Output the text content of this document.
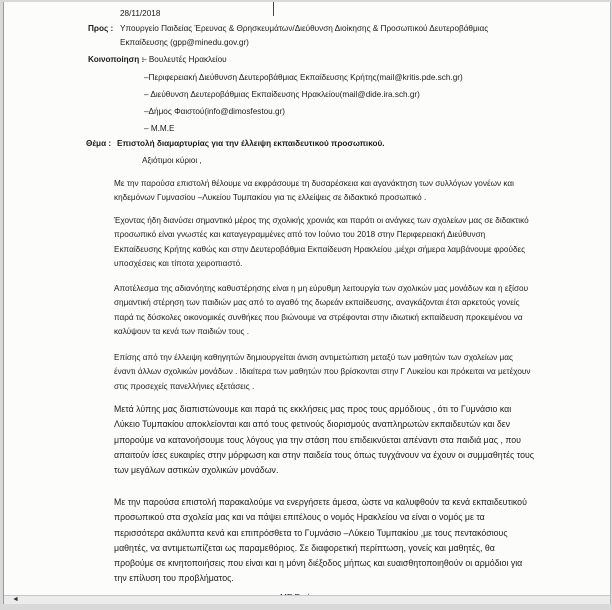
28/11/2018
Προς : Υπουργείο Παιδείας Έρευνας & Θρησκευμάτων/Διεύθυνση Διοίκησης & Προσωπικού Δευτεροβάθμιας
Εκπαίδευσης (gpp@minedu.gov.gr)
Κοινοποίηση :
– Βουλευτές Ηρακλείου
–Περιφερειακή Διεύθυνση Δευτεροβάθμιας Εκπαίδευσης Κρήτης(mail@kritis.pde.sch.gr)
– Διεύθυνση Δευτεροβάθμιας Εκπαίδευσης Ηρακλείου(mail@dide.ira.sch.gr)
–Δήμος Φαιστού(info@dimosfestou.gr)
– Μ.Μ.Ε
Θέμα : Επιστολή διαμαρτυρίας για την έλλειψη εκπαιδευτικού προσωπικού.
Αξιότιμοι κύριοι ,
Με την παρούσα επιστολή θέλουμε να εκφράσουμε τη δυσαρέσκεια και αγανάκτηση των συλλόγων γονέων και κηδεμόνων Γυμνασίου –Λυκείου Τυμπακίου για τις ελλείψεις σε διδακτικό προσωπικό .
Έχοντας ήδη διανύσει σημαντικό μέρος της σχολικής χρονιάς και παρότι οι ανάγκες των σχολείων μας σε διδακτικό προσωπικό είναι γνωστές και καταγεγραμμένες από τον Ιούνιο του 2018 στην Περιφερειακή Διεύθυνση Εκπαίδευσης Κρήτης καθώς και στην Δευτεροβάθμια Εκπαίδευση Ηρακλείου ,μέχρι σήμερα λαμβάνουμε φρούδες υποσχέσεις και τίποτα χειροπιαστό.
Αποτέλεσμα της αδιανόητης καθυστέρησης είναι η μη εύρυθμη λειτουργία των σχολικών μας μονάδων και η εξίσου σημαντική στέρηση των παιδιών μας από το αγαθό της δωρεάν εκπαίδευσης, αναγκάζονται έτσι αρκετούς γονείς παρά τις δύσκολες οικονομικές συνθήκες που βιώνουμε να στρέφονται στην ιδιωτική εκπαίδευση προκειμένου να καλύψουν τα κενά των παιδιών τους .
Επίσης από την έλλειψη καθηγητών δημιουργείται άνιση αντιμετώπιση μεταξύ των μαθητών των σχολείων μας έναντι άλλων σχολικών μονάδων . Ιδιαίτερα των μαθητών που βρίσκονται στην Γ Λυκείου και πρόκειται να μετέχουν στις προσεχείς πανελλήνιες εξετάσεις .
Μετά λύπης μας διαπιστώνουμε και παρά τις εκκλήσεις μας προς τους αρμόδιους , ότι το Γυμνάσιο και Λύκειο Τυμπακίου αποκλείονται και από τους φετινούς διορισμούς αναπληρωτών εκπαιδευτών και δεν μπορούμε να κατανοήσουμε τους λόγους για την στάση που επιδεικνύεται απέναντι στα παιδιά μας , που απαιτούν ίσες ευκαιρίες στην μόρφωση και στην παιδεία τους όπως τυγχάνουν να έχουν οι συμμαθητές τους των μεγάλων αστικών σχολικών μονάδων.
Με την παρούσα επιστολή παρακαλούμε να ενεργήσετε άμεσα, ώστε να καλυφθούν τα κενά εκπαιδευτικού προσωπικού στα σχολεία μας και να πάψει επιτέλους ο νομός Ηρακλείου να είναι ο νομός με τα περισσότερα ακάλυπτα κενά και επιπρόσθετα το Γυμνάσιο –Λύκειο Τυμπακίου ,με τους πεντακόσιους μαθητές, να αντιμετωπίζεται ως παραμεθόριος. Σε διαφορετική περίπτωση, γονείς και μαθητές, θα προβούμε σε κινητοποιήσεις που είναι και η μόνη διέξοδος μήπως και ευαισθητοποιηθούν οι αρμόδιοι για την επίλυση του προβλήματος.
◄
